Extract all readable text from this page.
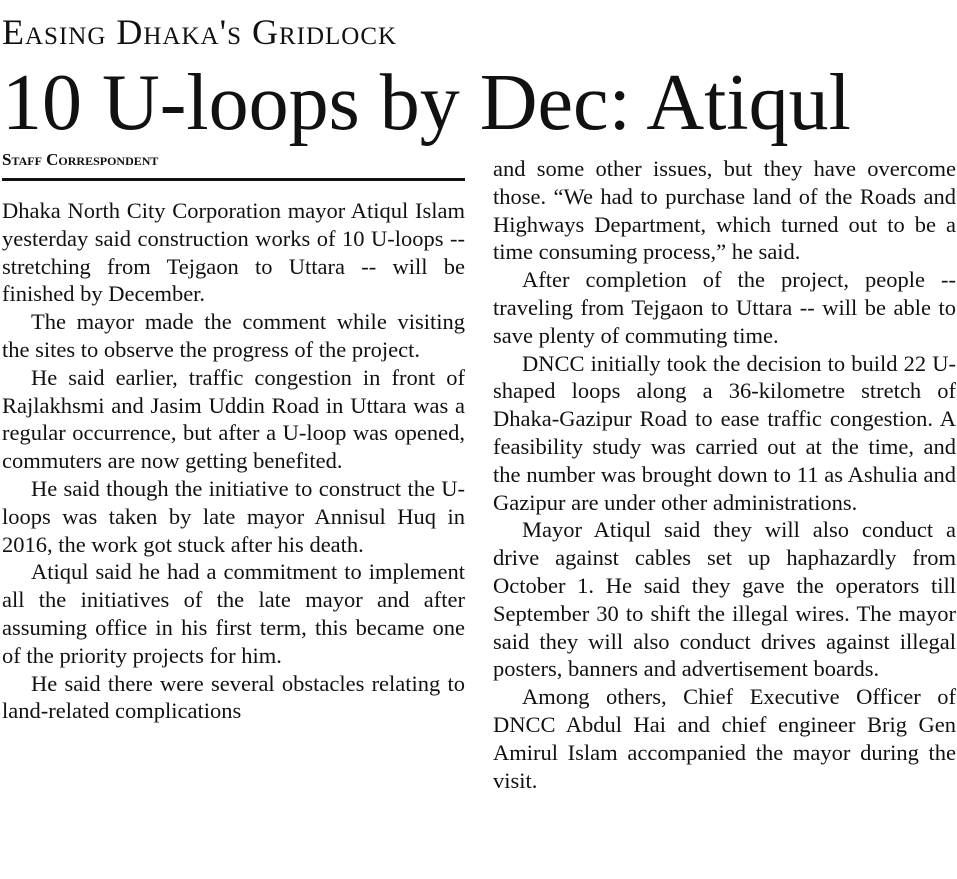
Easing Dhaka's Gridlock
10 U-loops by Dec: Atiqul
Staff Correspondent

Dhaka North City Corporation mayor Atiqul Islam yesterday said construction works of 10 U-loops -- stretching from Tejgaon to Uttara -- will be finished by December.

The mayor made the comment while visiting the sites to observe the progress of the project.

He said earlier, traffic congestion in front of Rajlakhsmi and Jasim Uddin Road in Uttara was a regular occurrence, but after a U-loop was opened, commuters are now getting benefited.

He said though the initiative to construct the U-loops was taken by late mayor Annisul Huq in 2016, the work got stuck after his death.

Atiqul said he had a commitment to implement all the initiatives of the late mayor and after assuming office in his first term, this became one of the priority projects for him.

He said there were several obstacles relating to land-related complications

and some other issues, but they have overcome those. “We had to purchase land of the Roads and Highways Department, which turned out to be a time consuming process,” he said.

After completion of the project, people -- traveling from Tejgaon to Uttara -- will be able to save plenty of commuting time.

DNCC initially took the decision to build 22 U-shaped loops along a 36-kilometre stretch of Dhaka-Gazipur Road to ease traffic congestion. A feasibility study was carried out at the time, and the number was brought down to 11 as Ashulia and Gazipur are under other administrations.

Mayor Atiqul said they will also conduct a drive against cables set up haphazardly from October 1. He said they gave the operators till September 30 to shift the illegal wires. The mayor said they will also conduct drives against illegal posters, banners and advertisement boards.

Among others, Chief Executive Officer of DNCC Abdul Hai and chief engineer Brig Gen Amirul Islam accompanied the mayor during the visit.
